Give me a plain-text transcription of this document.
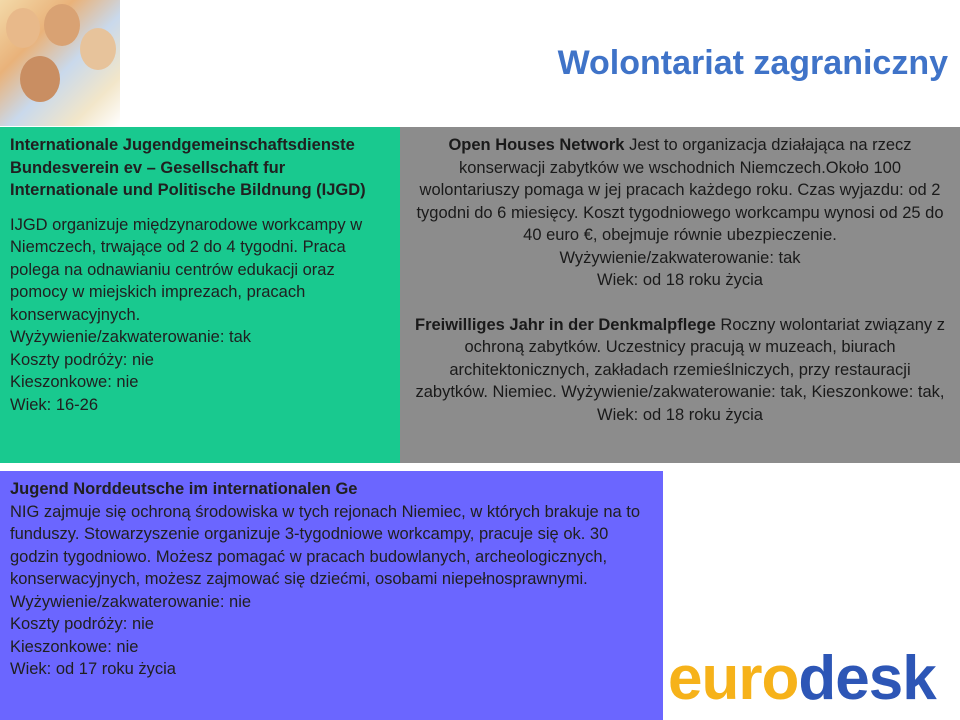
Wolontariat zagraniczny
Internationale Jugendgemeinschaftsdienste Bundesverein ev – Gesellschaft fur Internationale und Politische Bildnung (IJGD)
IJGD organizuje międzynarodowe workcampy w Niemczech, trwające od 2 do 4 tygodni. Praca polega na odnawianiu centrów edukacji oraz pomocy w miejskich imprezach, pracach konserwacyjnych.
Wyżywienie/zakwaterowanie: tak
Koszty podróży: nie
Kieszonkowe: nie
Wiek: 16-26
Open Houses Network Jest to organizacja działająca na rzecz konserwacji zabytków we wschodnich Niemczech.Około 100 wolontariuszy pomaga w jej pracach każdego roku. Czas wyjazdu: od 2 tygodni do 6 miesięcy. Koszt tygodniowego workcampu wynosi od 25 do 40 euro €, obejmuje równie ubezpieczenie.
Wyżywienie/zakwaterowanie: tak
Wiek: od 18 roku życia
Freiwilliges Jahr in der Denkmalpflege Roczny wolontariat związany z ochroną zabytków. Uczestnicy pracują w muzeach, biurach architektonicznych, zakładach rzemieślniczych, przy restauracji zabytków. Niemiec. Wyżywienie/zakwaterowanie: tak, Kieszonkowe: tak, Wiek: od 18 roku życia
Jugend Norddeutsche im internationalen Ge
NIG zajmuje się ochroną środowiska w tych rejonach Niemiec, w których brakuje na to funduszy. Stowarzyszenie organizuje 3-tygodniowe workcampy, pracuje się ok. 30 godzin tygodniowo. Możesz pomagać w pracach budowlanych, archeologicznych, konserwacyjnych, możesz zajmować się dziećmi, osobami niepełnosprawnymi.
Wyżywienie/zakwaterowanie: nie
Koszty podróży: nie
Kieszonkowe: nie
Wiek: od 17 roku życia	eurodesk
